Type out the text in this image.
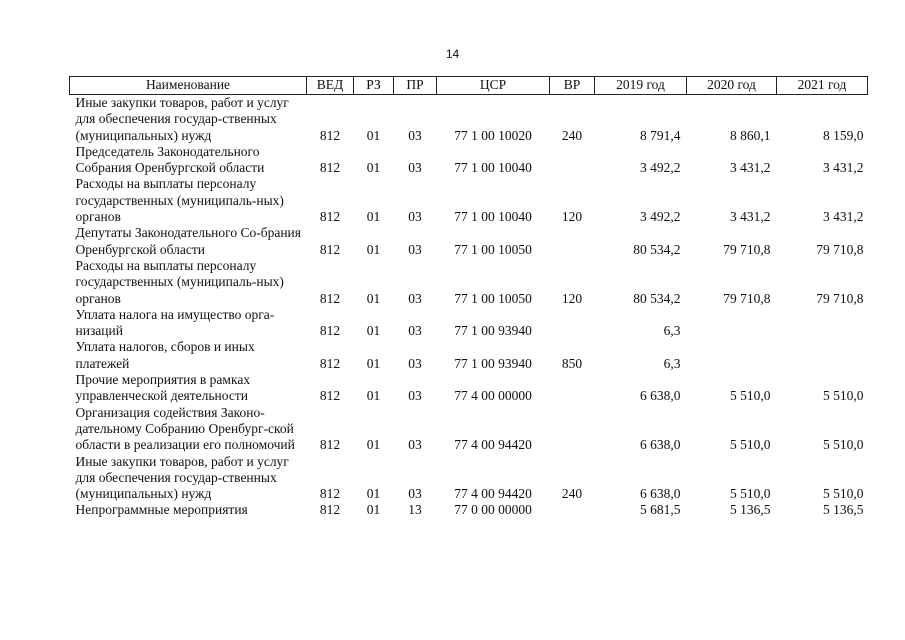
14
Наименование	ВЕД	РЗ	ПР	ЦСР	ВР	2019 год	2020 год	2021 год
Иные закупки товаров, работ и услуг для обеспечения государ-ственных (муниципальных) нужд	812	01	03	77 1 00 10020	240	8 791,4	8 860,1	8 159,0
Председатель Законодательного Собрания Оренбургской области	812	01	03	77 1 00 10040		3 492,2	3 431,2	3 431,2
Расходы на выплаты персоналу государственных (муниципаль-ных) органов	812	01	03	77 1 00 10040	120	3 492,2	3 431,2	3 431,2
Депутаты Законодательного Со-брания Оренбургской области	812	01	03	77 1 00 10050		80 534,2	79 710,8	79 710,8
Расходы на выплаты персоналу государственных (муниципаль-ных) органов	812	01	03	77 1 00 10050	120	80 534,2	79 710,8	79 710,8
Уплата налога на имущество орга-низаций	812	01	03	77 1 00 93940		6,3		
Уплата налогов, сборов и иных платежей	812	01	03	77 1 00 93940	850	6,3		
Прочие мероприятия в рамках управленческой деятельности	812	01	03	77 4 00 00000		6 638,0	5 510,0	5 510,0
Организация содействия Законо-дательному Собранию Оренбург-ской области в реализации его полномочий	812	01	03	77 4 00 94420		6 638,0	5 510,0	5 510,0
Иные закупки товаров, работ и услуг для обеспечения государ-ственных (муниципальных) нужд	812	01	03	77 4 00 94420	240	6 638,0	5 510,0	5 510,0
Непрограммные мероприятия	812	01	13	77 0 00 00000		5 681,5	5 136,5	5 136,5
